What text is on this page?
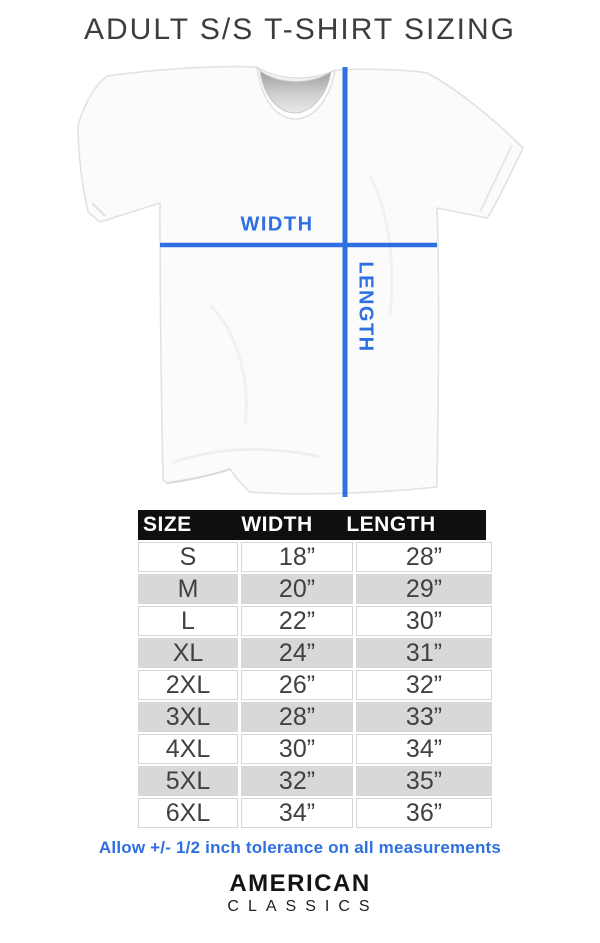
ADULT S/S T-SHIRT SIZING
WIDTH
LENGTH
SIZE WIDTH LENGTH
S	18”	28”
M	20”	29”
L	22”	30”
XL	24”	31”
2XL	26”	32”
3XL	28”	33”
4XL	30”	34”
5XL	32”	35”
6XL	34”	36”
Allow +/- 1/2 inch tolerance on all measurements
AMERICAN
CLASSICS
